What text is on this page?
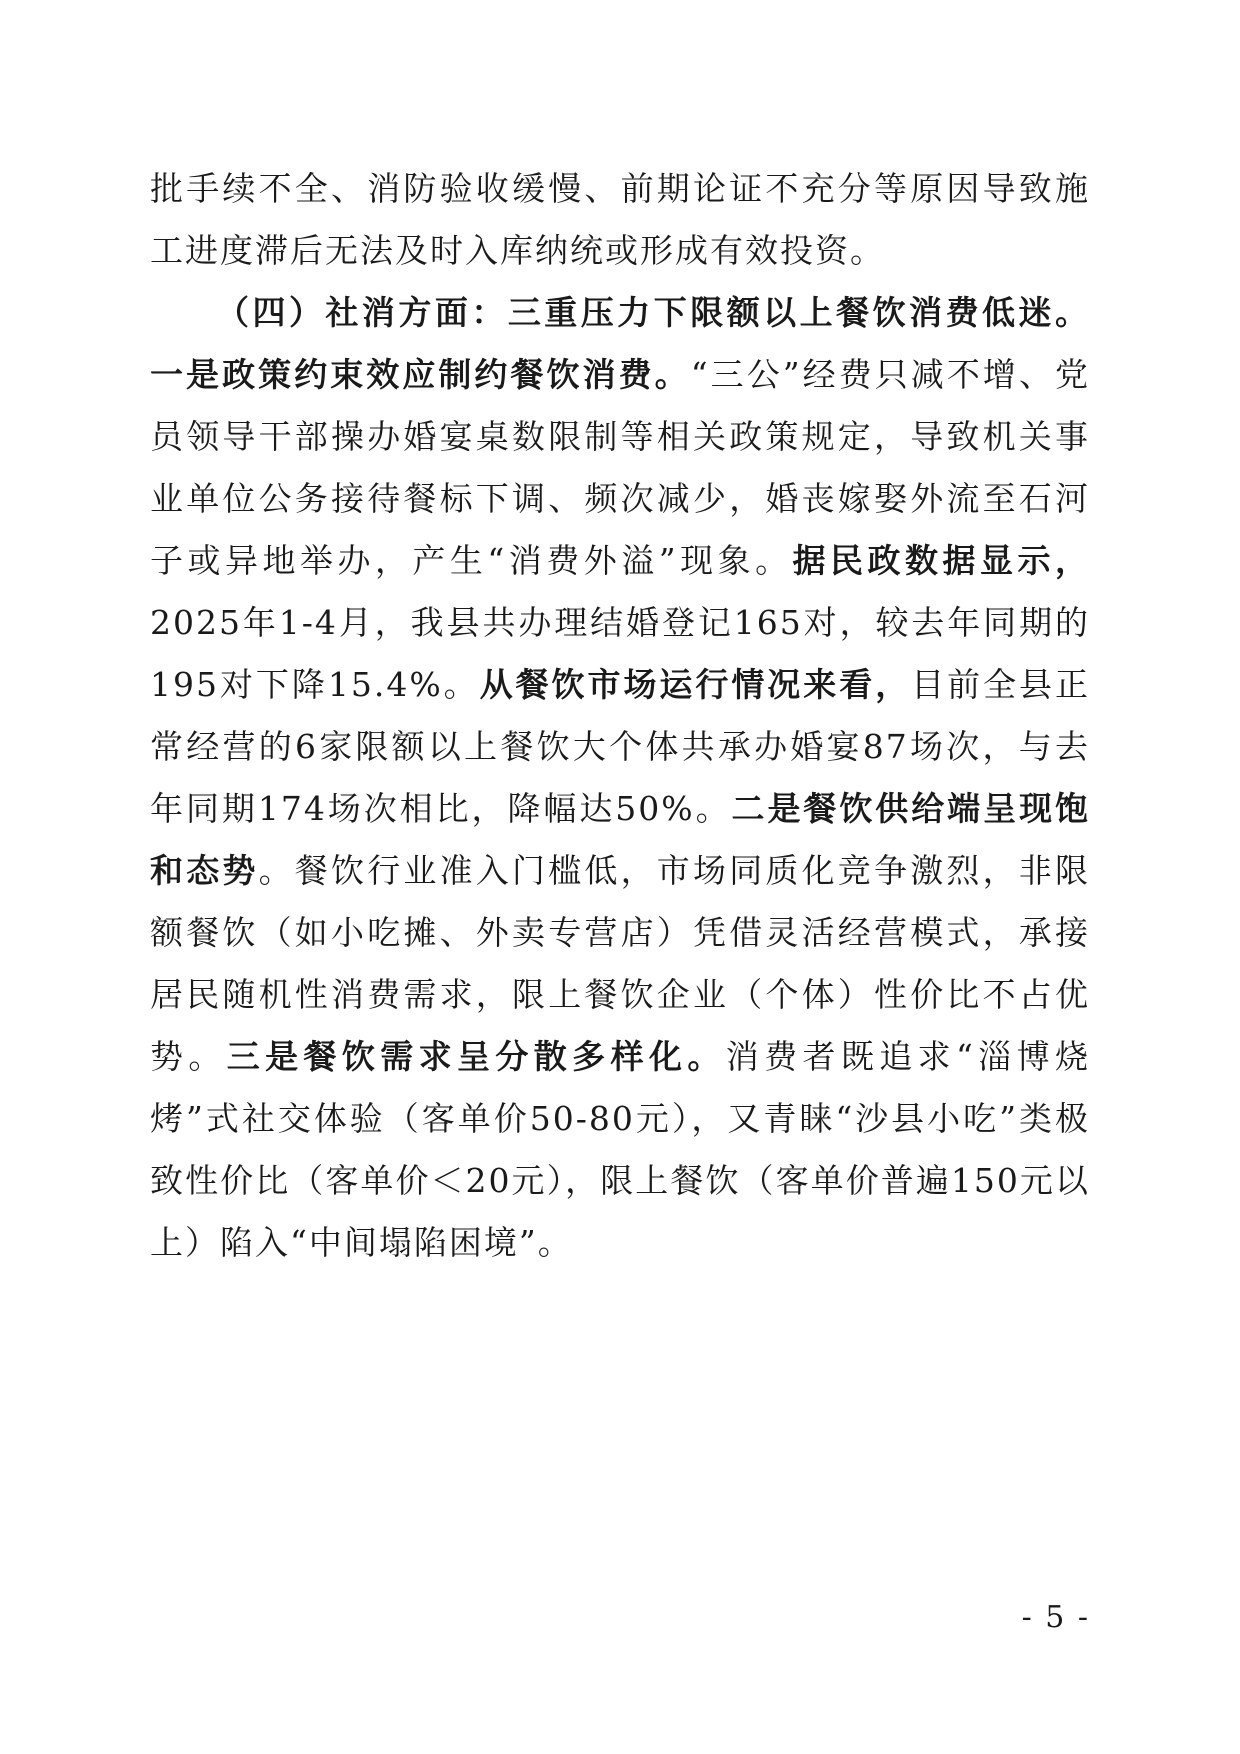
批手续不全、消防验收缓慢、前期论证不充分等原因导致施工进度滞后无法及时入库纳统或形成有效投资。

（四）社消方面：三重压力下限额以上餐饮消费低迷。一是政策约束效应制约餐饮消费。“三公”经费只减不增、党员领导干部操办婚宴桌数限制等相关政策规定，导致机关事业单位公务接待餐标下调、频次减少，婚丧嫁娶外流至石河子或异地举办，产生“消费外溢”现象。据民政数据显示，2025年1-4月，我县共办理结婚登记165对，较去年同期的195对下降15.4%。从餐饮市场运行情况来看，目前全县正常经营的6家限额以上餐饮大个体共承办婚宴87场次，与去年同期174场次相比，降幅达50%。二是餐饮供给端呈现饱和态势。餐饮行业准入门槛低，市场同质化竞争激烈，非限额餐饮（如小吃摊、外卖专营店）凭借灵活经营模式，承接居民随机性消费需求，限上餐饮企业（个体）性价比不占优势。三是餐饮需求呈分散多样化。消费者既追求“淄博烧烤”式社交体验（客单价50-80元），又青睐“沙县小吃”类极致性价比（客单价＜20元），限上餐饮（客单价普遍150元以上）陷入“中间塌陷困境”。

- 5 -
